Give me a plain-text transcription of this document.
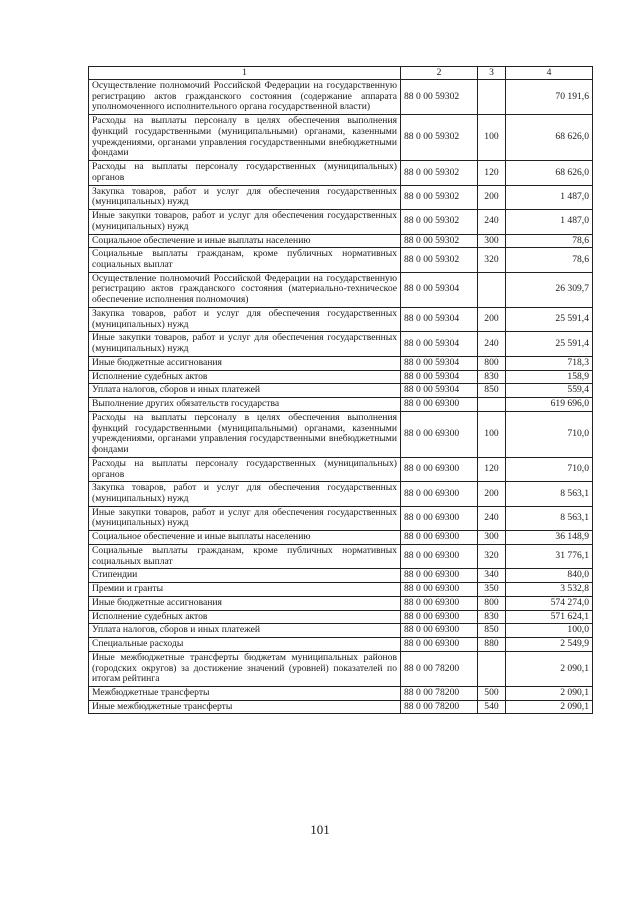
1	2	3	4
Осуществление полномочий Российской Федерации на государственную регистрацию актов гражданского состояния (содержание аппарата уполномоченного исполнительного органа государственной власти)	88 0 00 59302		70 191,6
Расходы на выплаты персоналу в целях обеспечения выполнения функций государственными (муниципальными) органами, казенными учреждениями, органами управления государственными внебюджетными фондами	88 0 00 59302	100	68 626,0
Расходы на выплаты персоналу государственных (муниципальных) органов	88 0 00 59302	120	68 626,0
Закупка товаров, работ и услуг для обеспечения государственных (муниципальных) нужд	88 0 00 59302	200	1 487,0
Иные закупки товаров, работ и услуг для обеспечения государственных (муниципальных) нужд	88 0 00 59302	240	1 487,0
Социальное обеспечение и иные выплаты населению	88 0 00 59302	300	78,6
Социальные выплаты гражданам, кроме публичных нормативных социальных выплат	88 0 00 59302	320	78,6
Осуществление полномочий Российской Федерации на государственную регистрацию актов гражданского состояния (материально-техническое обеспечение исполнения полномочия)	88 0 00 59304		26 309,7
Закупка товаров, работ и услуг для обеспечения государственных (муниципальных) нужд	88 0 00 59304	200	25 591,4
Иные закупки товаров, работ и услуг для обеспечения государственных (муниципальных) нужд	88 0 00 59304	240	25 591,4
Иные бюджетные ассигнования	88 0 00 59304	800	718,3
Исполнение судебных актов	88 0 00 59304	830	158,9
Уплата налогов, сборов и иных платежей	88 0 00 59304	850	559,4
Выполнение других обязательств государства	88 0 00 69300		619 696,0
Расходы на выплаты персоналу в целях обеспечения выполнения функций государственными (муниципальными) органами, казенными учреждениями, органами управления государственными внебюджетными фондами	88 0 00 69300	100	710,0
Расходы на выплаты персоналу государственных (муниципальных) органов	88 0 00 69300	120	710,0
Закупка товаров, работ и услуг для обеспечения государственных (муниципальных) нужд	88 0 00 69300	200	8 563,1
Иные закупки товаров, работ и услуг для обеспечения государственных (муниципальных) нужд	88 0 00 69300	240	8 563,1
Социальное обеспечение и иные выплаты населению	88 0 00 69300	300	36 148,9
Социальные выплаты гражданам, кроме публичных нормативных социальных выплат	88 0 00 69300	320	31 776,1
Стипендии	88 0 00 69300	340	840,0
Премии и гранты	88 0 00 69300	350	3 532,8
Иные бюджетные ассигнования	88 0 00 69300	800	574 274,0
Исполнение судебных актов	88 0 00 69300	830	571 624,1
Уплата налогов, сборов и иных платежей	88 0 00 69300	850	100,0
Специальные расходы	88 0 00 69300	880	2 549,9
Иные межбюджетные трансферты бюджетам муниципальных районов (городских округов) за достижение значений (уровней) показателей по итогам рейтинга	88 0 00 78200		2 090,1
Межбюджетные трансферты	88 0 00 78200	500	2 090,1
Иные межбюджетные трансферты	88 0 00 78200	540	2 090,1
101
